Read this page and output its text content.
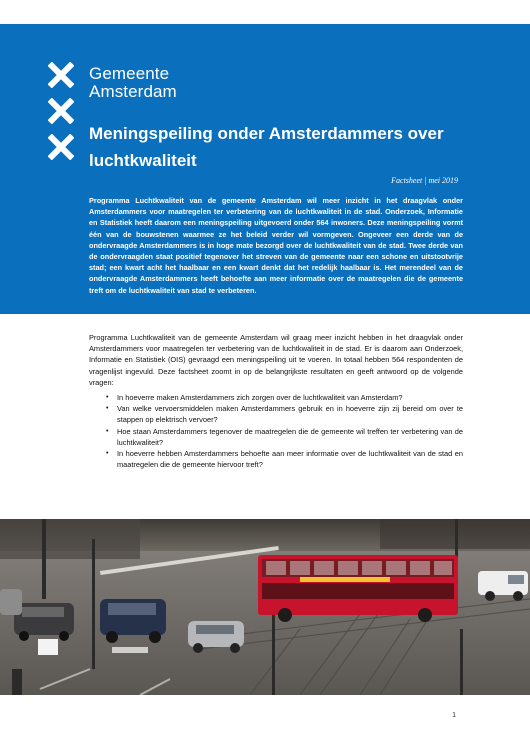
Gemeente
Amsterdam
Meningspeiling onder Amsterdammers over luchtkwaliteit
Factsheet | mei 2019
Programma Luchtkwaliteit van de gemeente Amsterdam wil meer inzicht in het draagvlak onder Amsterdammers voor maatregelen ter verbetering van de luchtkwaliteit in de stad. Onderzoek, Informatie en Statistiek heeft daarom een meningspeiling uitgevoerd onder 564 inwoners. Deze meningspeiling vormt één van de bouwstenen waarmee ze het beleid verder wil vormgeven. Ongeveer een derde van de ondervraagde Amsterdammers is in hoge mate bezorgd over de luchtkwaliteit van de stad. Twee derde van de ondervraagden staat positief tegenover het streven van de gemeente naar een schone en uitstootvrije stad; een kwart acht het haalbaar en een kwart denkt dat het redelijk haalbaar is. Het merendeel van de ondervraagde Amsterdammers heeft behoefte aan meer informatie over de maatregelen die de gemeente treft om de luchtkwaliteit van stad te verbeteren.
Programma Luchtkwaliteit van de gemeente Amsterdam wil graag meer inzicht hebben in het draagvlak onder Amsterdammers voor maatregelen ter verbetering van de luchtkwaliteit in de stad. Er is daarom aan Onderzoek, Informatie en Statistiek (OIS) gevraagd een meningspeiling uit te voeren. In totaal hebben 564 respondenten de vragenlijst ingevuld. Deze factsheet zoomt in op de belangrijkste resultaten en geeft antwoord op de volgende vragen:
• In hoeverre maken Amsterdammers zich zorgen over de luchtkwaliteit van Amsterdam?
• Van welke vervoersmiddelen maken Amsterdammers gebruik en in hoeverre zijn zij bereid om over te stappen op elektrisch vervoer?
• Hoe staan Amsterdammers tegenover de maatregelen die de gemeente wil treffen ter verbetering van de luchtkwaliteit?
• In hoeverre hebben Amsterdammers behoefte aan meer informatie over de luchtkwaliteit van de stad en maatregelen die de gemeente hiervoor treft?
1
